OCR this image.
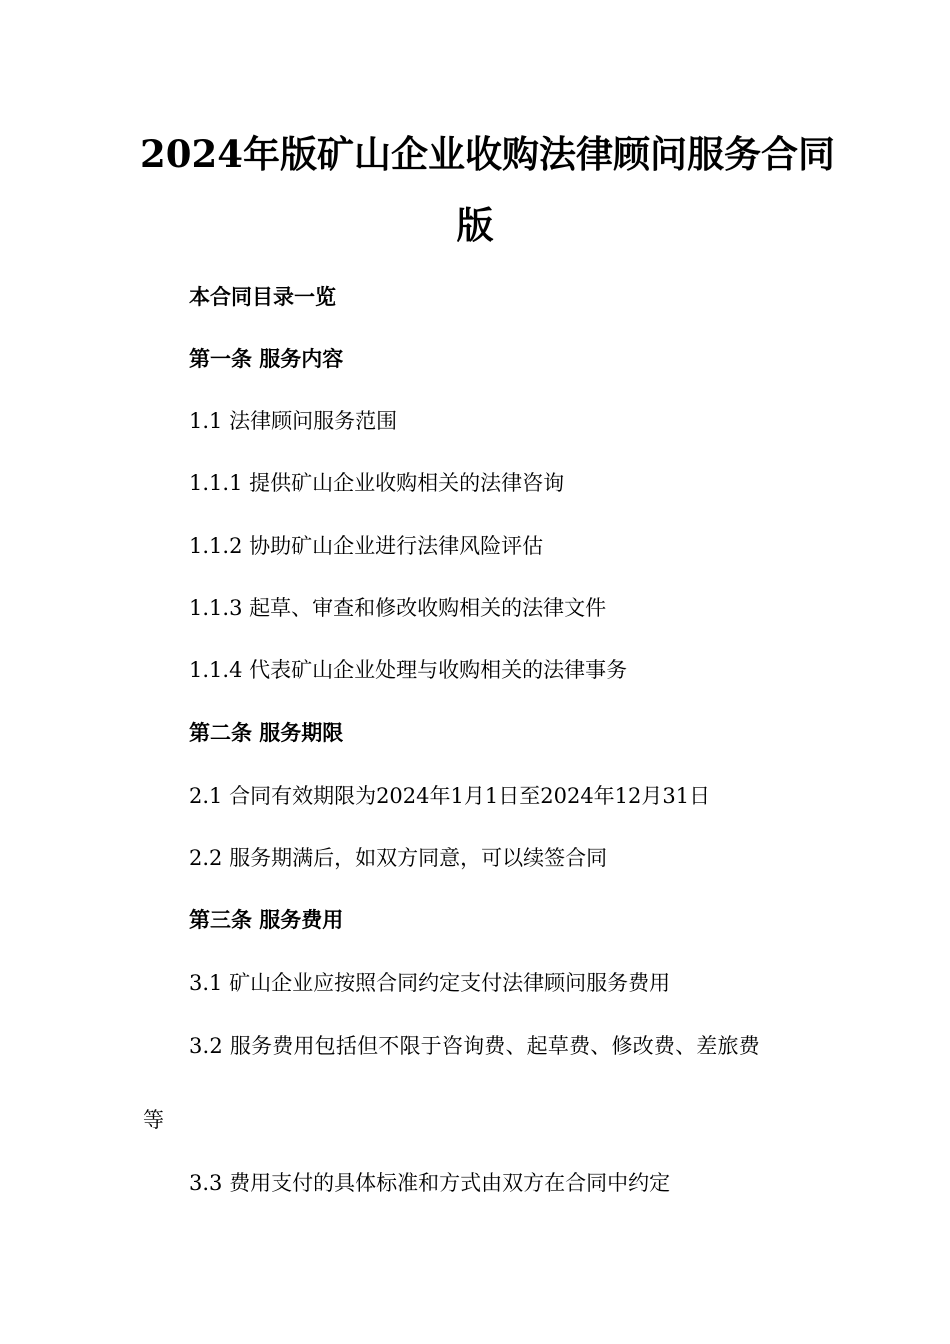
2024年版矿山企业收购法律顾问服务合同
版

本合同目录一览

第一条 服务内容

1.1 法律顾问服务范围

1.1.1 提供矿山企业收购相关的法律咨询

1.1.2 协助矿山企业进行法律风险评估

1.1.3 起草、审查和修改收购相关的法律文件

1.1.4 代表矿山企业处理与收购相关的法律事务

第二条 服务期限

2.1 合同有效期限为2024年1月1日至2024年12月31日

2.2 服务期满后，如双方同意，可以续签合同

第三条 服务费用

3.1 矿山企业应按照合同约定支付法律顾问服务费用

3.2 服务费用包括但不限于咨询费、起草费、修改费、差旅费

等

3.3 费用支付的具体标准和方式由双方在合同中约定
